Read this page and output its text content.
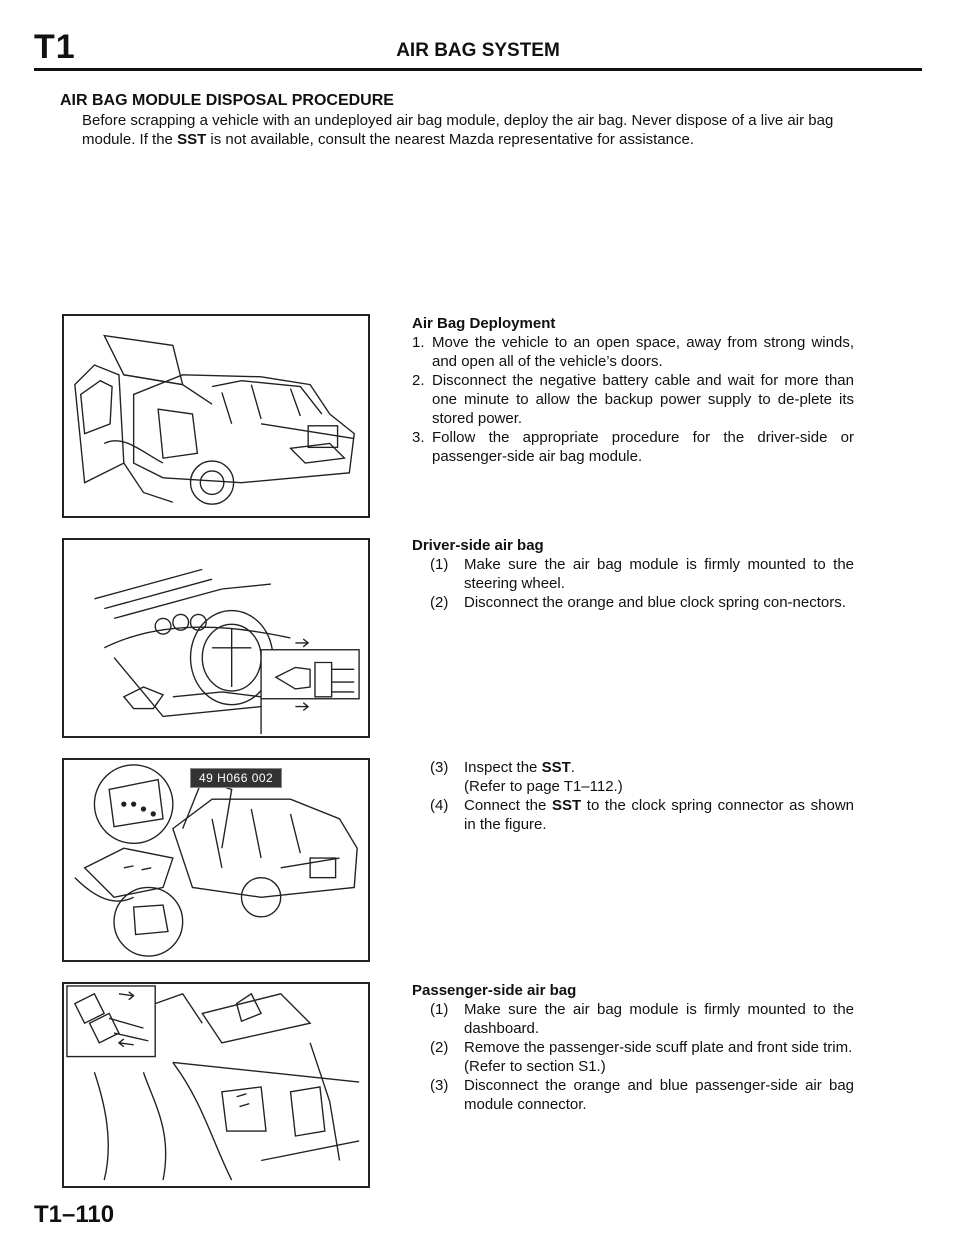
T1	AIR BAG SYSTEM
AIR BAG MODULE DISPOSAL PROCEDURE

Before scrapping a vehicle with an undeployed air bag module, deploy the air bag. Never dispose of a live air bag module. If the SST is not available, consult the nearest Mazda representative for assistance.

49 H066 002
Air Bag Deployment
1. Move the vehicle to an open space, away from strong winds, and open all of the vehicle’s doors.
2. Disconnect the negative battery cable and wait for more than one minute to allow the backup power supply to de-plete its stored power.
3. Follow the appropriate procedure for the driver-side or passenger-side air bag module.
Driver-side air bag
(1) Make sure the air bag module is firmly mounted to the steering wheel.
(2) Disconnect the orange and blue clock spring con-nectors.
(3) Inspect the SST.
(Refer to page T1–112.)
(4) Connect the SST to the clock spring connector as shown in the figure.
Passenger-side air bag
(1) Make sure the air bag module is firmly mounted to the dashboard.
(2) Remove the passenger-side scuff plate and front side trim.
(Refer to section S1.)
(3) Disconnect the orange and blue passenger-side air bag module connector.
T1–110
